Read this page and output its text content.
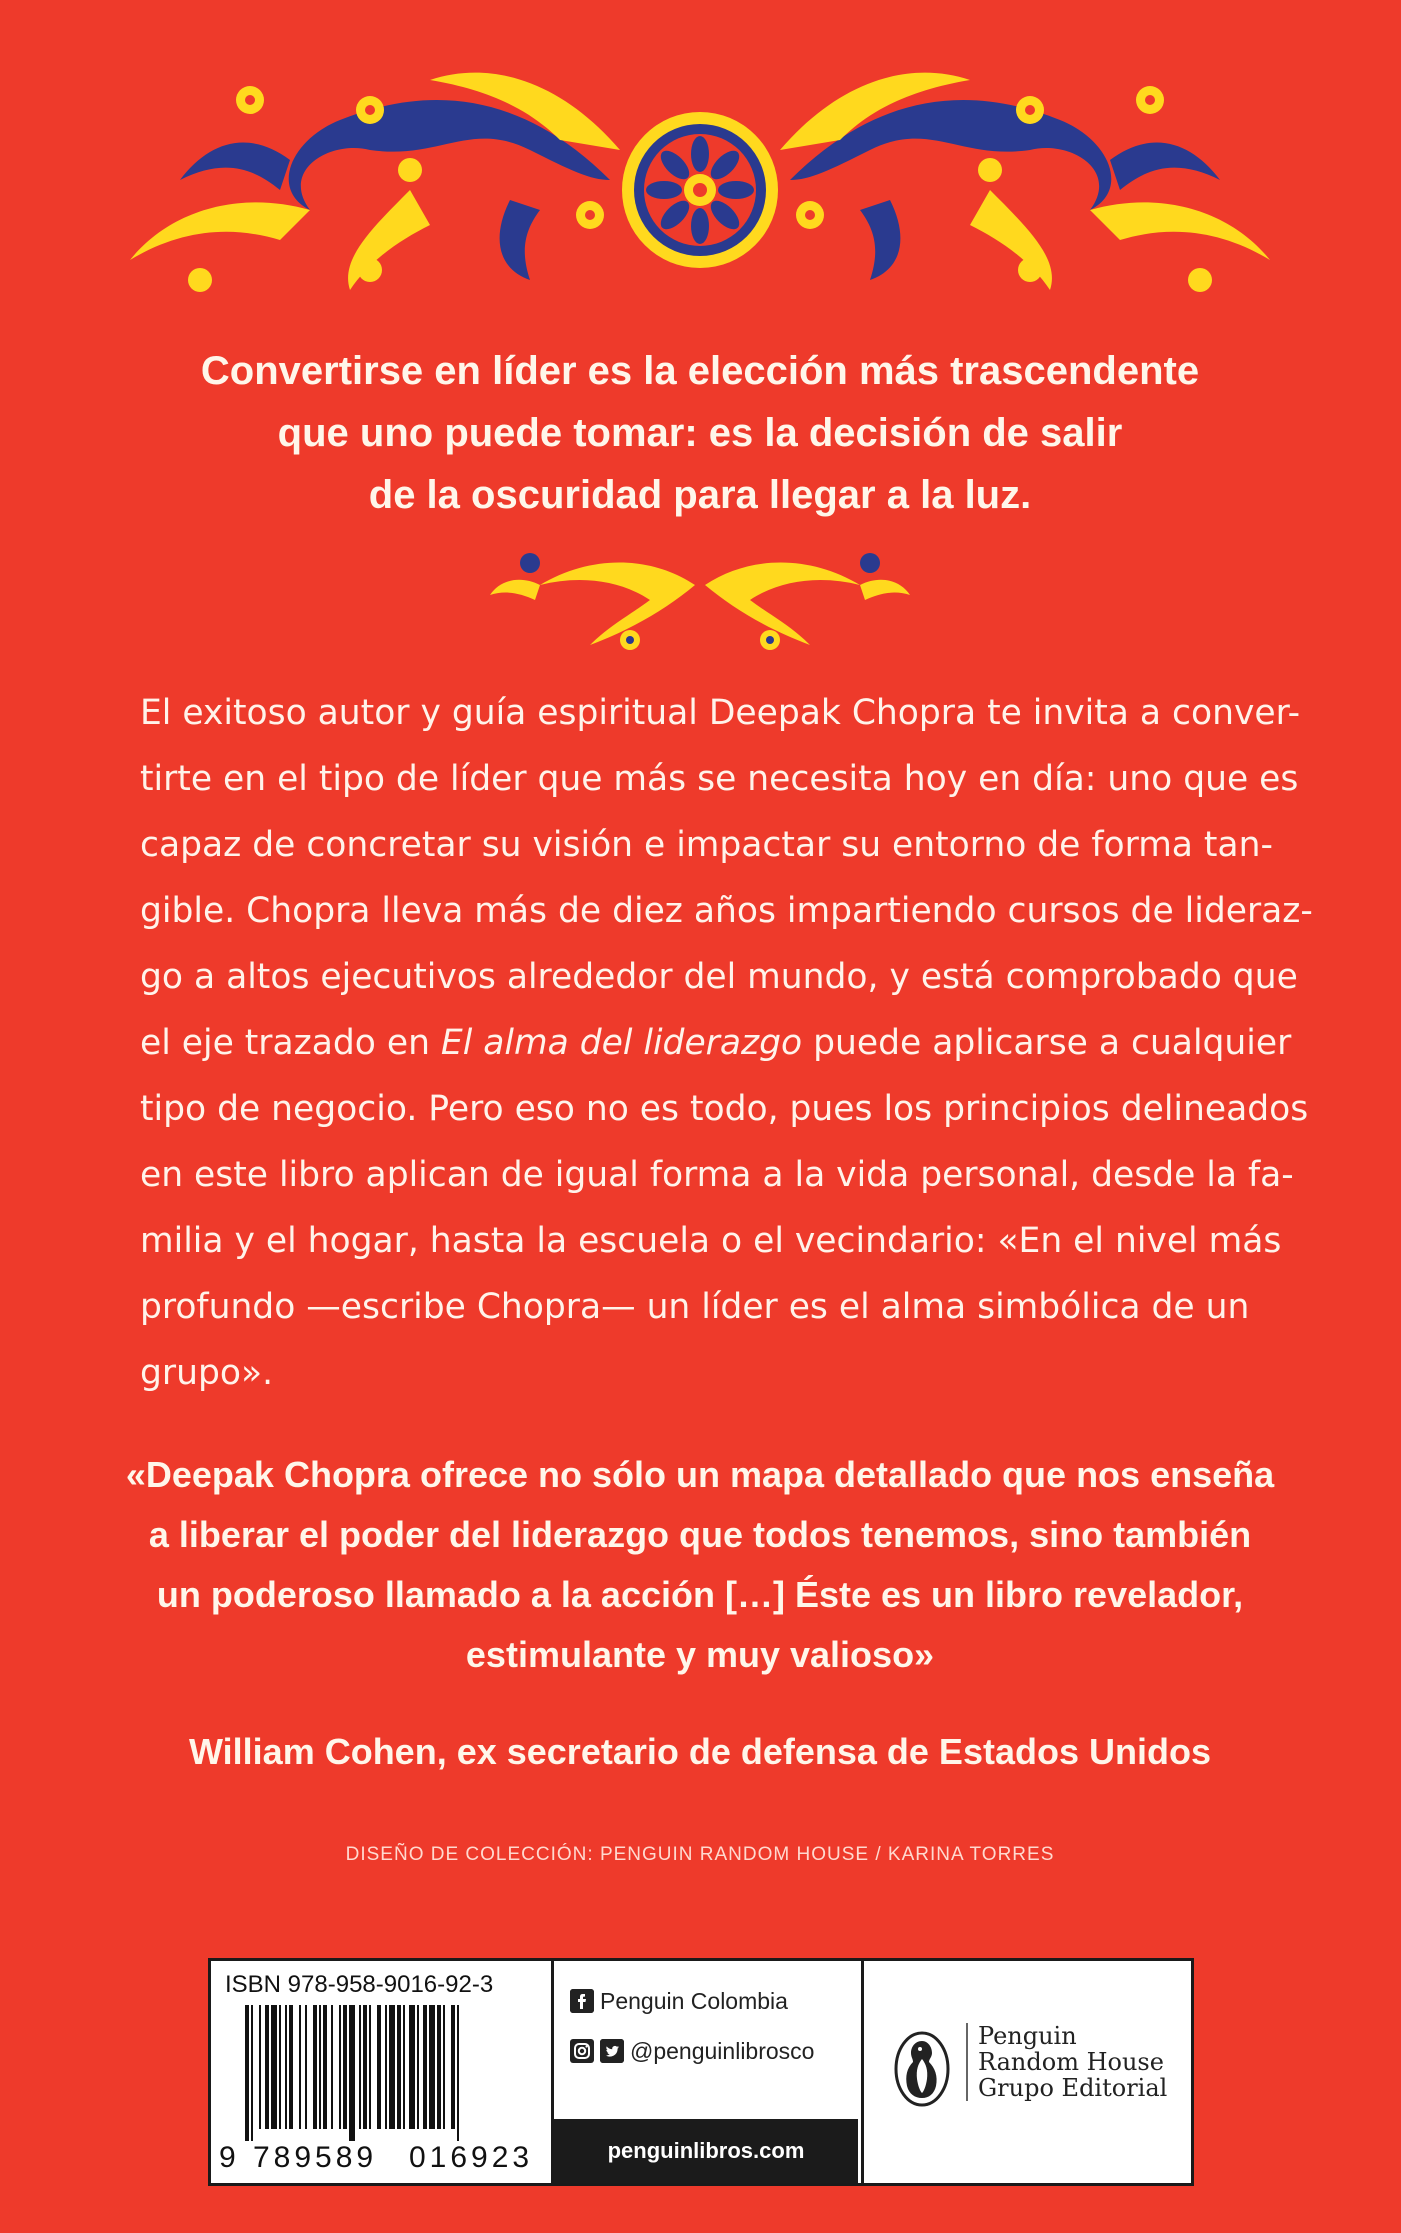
Convertirse en líder es la elección más trascendente
que uno puede tomar: es la decisión de salir
de la oscuridad para llegar a la luz.
El exitoso autor y guía espiritual Deepak Chopra te invita a conver-
tirte en el tipo de líder que más se necesita hoy en día: uno que es
capaz de concretar su visión e impactar su entorno de forma tan-
gible. Chopra lleva más de diez años impartiendo cursos de lideraz-
go a altos ejecutivos alrededor del mundo, y está comprobado que
el eje trazado en
El alma del liderazgo
puede aplicarse a cualquier
tipo de negocio. Pero eso no es todo, pues los principios delineados
en este libro aplican de igual forma a la vida personal, desde la fa-
milia y el hogar, hasta la escuela o el vecindario: «En el nivel más
profundo —escribe Chopra— un líder es el alma simbólica de un
grupo».
«Deepak Chopra ofrece no sólo un mapa detallado que nos enseña
a liberar el poder del liderazgo que todos tenemos, sino también
un poderoso llamado a la acción […] Éste es un libro revelador,
estimulante y muy valioso»
William Cohen, ex secretario de defensa de Estados Unidos
DISEÑO DE COLECCIÓN: PENGUIN RANDOM HOUSE / KARINA TORRES
ISBN 978-958-9016-92-3
9 789589 016923
Penguin Colombia
@penguinlibrosco
penguinlibros.com
Penguin
Random House
Grupo Editorial
